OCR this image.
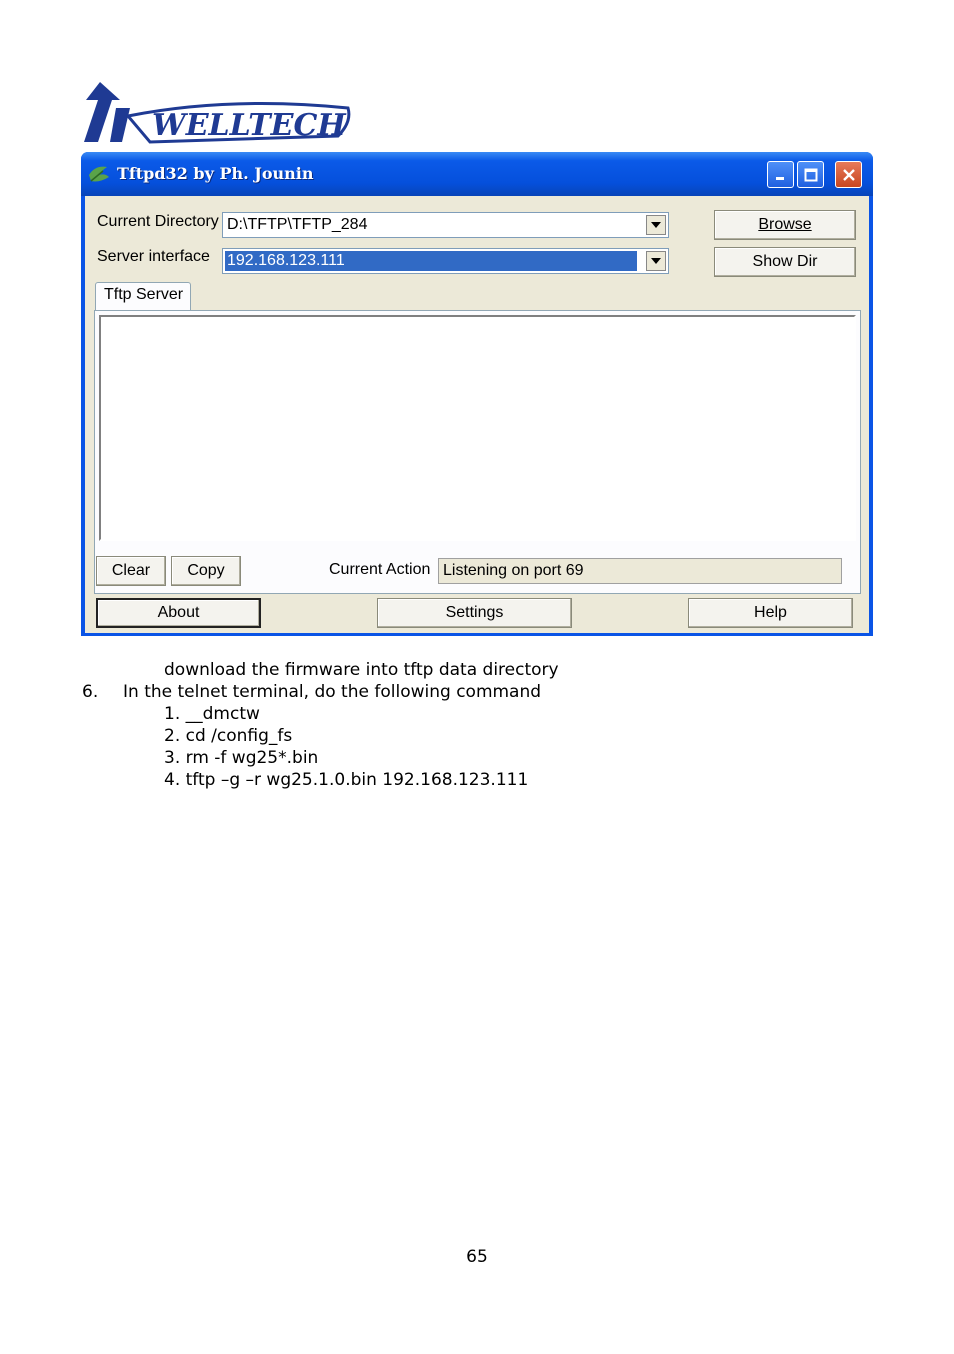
WELLTECH
Tftpd32 by Ph. Jounin
Current Directory D:\TFTP\TFTP_284	Browse
Server interface 192.168.123.111	Show Dir
Tftp Server
Clear Copy	Current Action Listening on port 69
About	Settings	Help
download the firmware into tftp data directory
6. In the telnet terminal, do the following command
1. __dmctw
2. cd /config_fs
3. rm -f wg25*.bin
4. tftp –g –r wg25.1.0.bin 192.168.123.111
65
